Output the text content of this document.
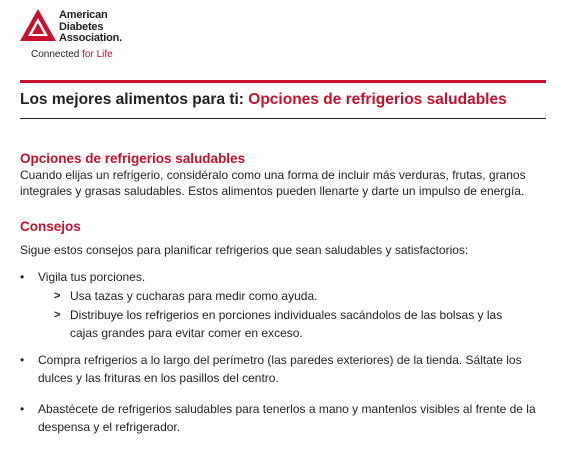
American
Diabetes
Association.
Connected for Life
Los mejores alimentos para ti: Opciones de refrigerios saludables
Opciones de refrigerios saludables
Cuando elijas un refrigerio, considéralo como una forma de incluir más verduras, frutas, granos integrales y grasas saludables. Estos alimentos pueden llenarte y darte un impulso de energía.
Consejos
Sigue estos consejos para planificar refrigerios que sean saludables y satisfactorios:
•	Vigila tus porciones.
> Usa tazas y cucharas para medir como ayuda.
> Distribuye los refrigerios en porciones individuales sacándolos de las bolsas y las cajas grandes para evitar comer en exceso.
•	Compra refrigerios a lo largo del perímetro (las paredes exteriores) de la tienda. Sáltate los dulces y las frituras en los pasillos del centro.
•	Abastécete de refrigerios saludables para tenerlos a mano y mantenlos visibles al frente de la despensa y el refrigerador.
